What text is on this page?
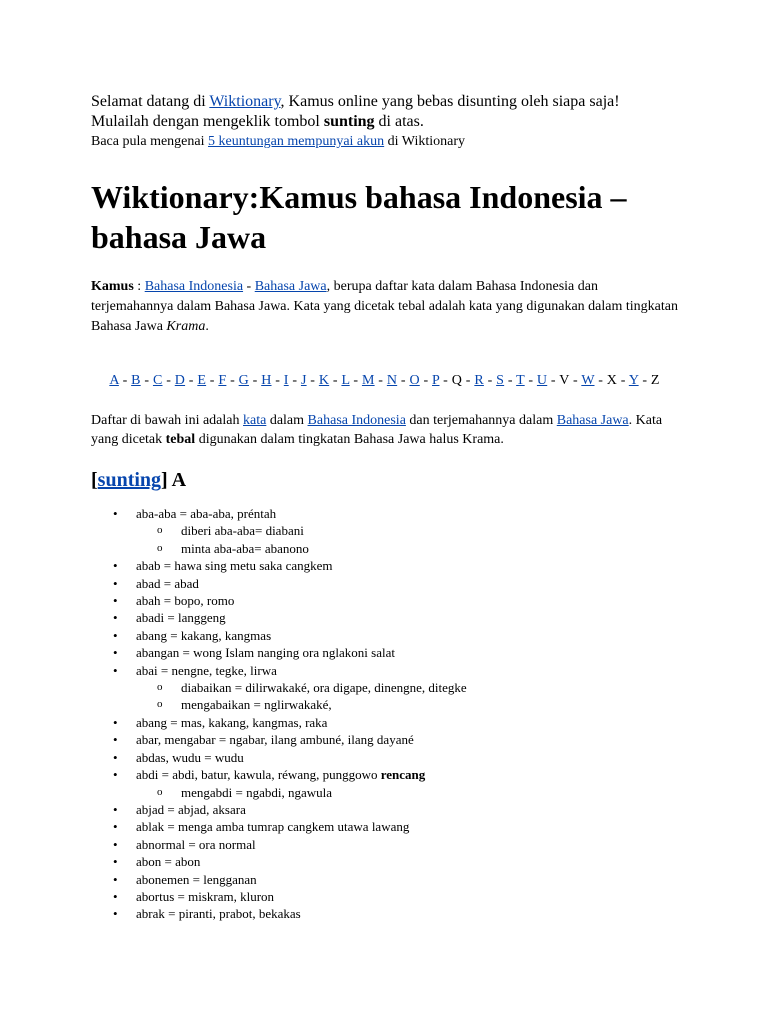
Selamat datang di Wiktionary, Kamus online yang bebas disunting oleh siapa saja!
Mulailah dengan mengeklik tombol sunting di atas.
Baca pula mengenai 5 keuntungan mempunyai akun di Wiktionary
Wiktionary:Kamus bahasa Indonesia – bahasa Jawa

Kamus : Bahasa Indonesia - Bahasa Jawa, berupa daftar kata dalam Bahasa Indonesia dan terjemahannya dalam Bahasa Jawa. Kata yang dicetak tebal adalah kata yang digunakan dalam tingkatan Bahasa Jawa Krama.

A - B - C - D - E - F - G - H - I - J - K - L - M - N - O - P - Q - R - S - T - U - V - W - X - Y - Z

Daftar di bawah ini adalah kata dalam Bahasa Indonesia dan terjemahannya dalam Bahasa Jawa. Kata yang dicetak tebal digunakan dalam tingkatan Bahasa Jawa halus Krama.

[sunting] A
• aba-aba = aba-aba, préntah
o diberi aba-aba= diabani
o minta aba-aba= abanono
• abab = hawa sing metu saka cangkem
• abad = abad
• abah = bopo, romo
• abadi = langgeng
• abang = kakang, kangmas
• abangan = wong Islam nanging ora nglakoni salat
• abai = nengne, tegke, lirwa
o diabaikan = dilirwakaké, ora digape, dinengne, ditegke
o mengabaikan = nglirwakaké,
• abang = mas, kakang, kangmas, raka
• abar, mengabar = ngabar, ilang ambuné, ilang dayané
• abdas, wudu = wudu
• abdi = abdi, batur, kawula, réwang, punggowo rencang
o mengabdi = ngabdi, ngawula
• abjad = abjad, aksara
• ablak = menga amba tumrap cangkem utawa lawang
• abnormal = ora normal
• abon = abon
• abonemen = lengganan
• abortus = miskram, kluron
• abrak = piranti, prabot, bekakas
